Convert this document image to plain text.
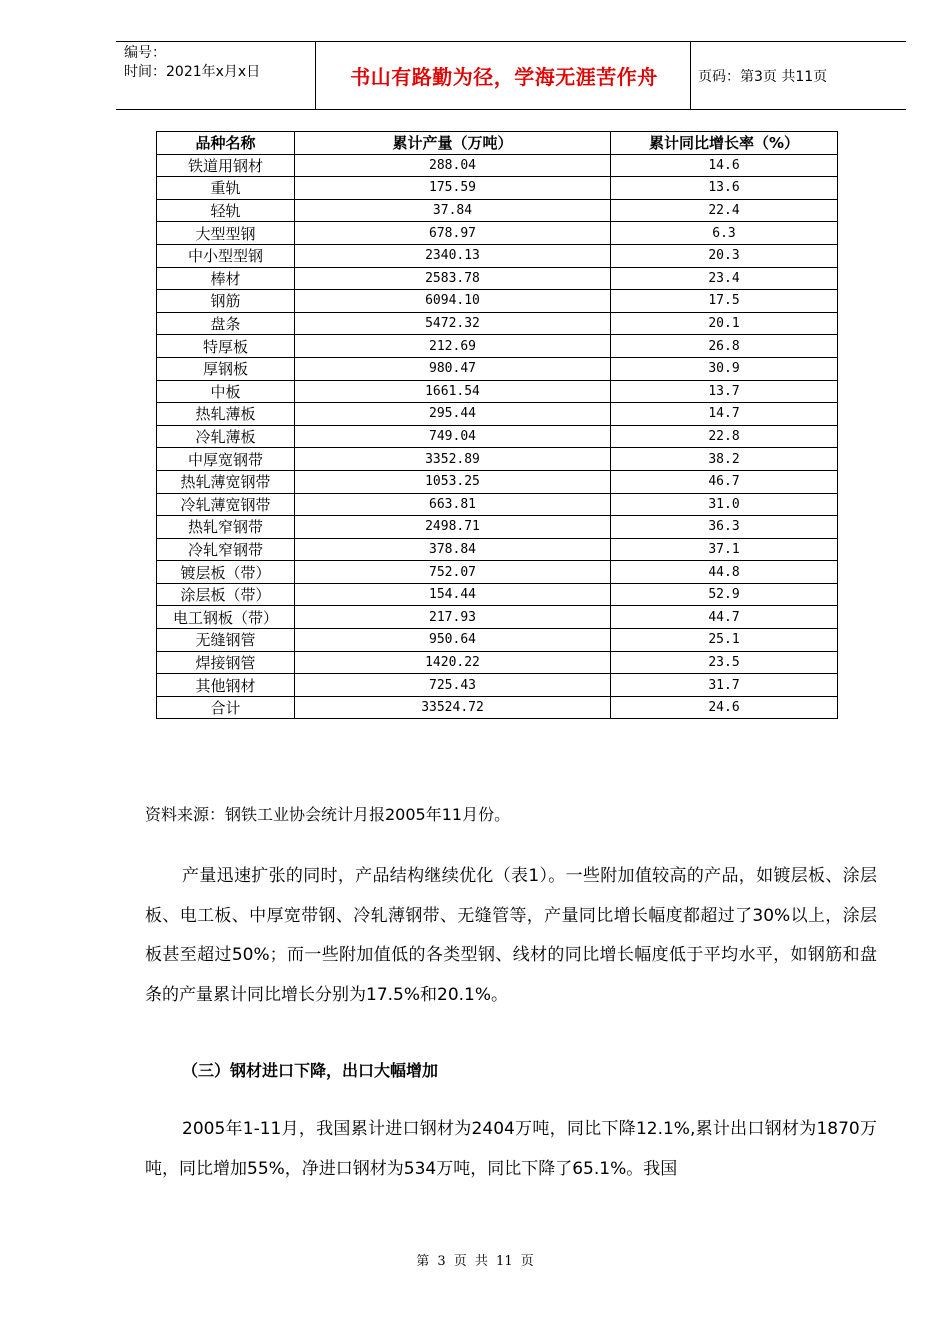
编号：
时间：2021年x月x日	书山有路勤为径，学海无涯苦作舟	页码：第3页 共11页
品种名称	累计产量（万吨）	累计同比增长率（%）
铁道用钢材	288.04	14.6
重轨	175.59	13.6
轻轨	37.84	22.4
大型型钢	678.97	6.3
中小型型钢	2340.13	20.3
棒材	2583.78	23.4
钢筋	6094.10	17.5
盘条	5472.32	20.1
特厚板	212.69	26.8
厚钢板	980.47	30.9
中板	1661.54	13.7
热轧薄板	295.44	14.7
冷轧薄板	749.04	22.8
中厚宽钢带	3352.89	38.2
热轧薄宽钢带	1053.25	46.7
冷轧薄宽钢带	663.81	31.0
热轧窄钢带	2498.71	36.3
冷轧窄钢带	378.84	37.1
镀层板（带）	752.07	44.8
涂层板（带）	154.44	52.9
电工钢板（带）	217.93	44.7
无缝钢管	950.64	25.1
焊接钢管	1420.22	23.5
其他钢材	725.43	31.7
合计	33524.72	24.6
资料来源：钢铁工业协会统计月报2005年11月份。
产量迅速扩张的同时，产品结构继续优化（表1）。一些附加值较高的产品，如镀层板、涂层板、电工板、中厚宽带钢、冷轧薄钢带、无缝管等，产量同比增长幅度都超过了30%以上，涂层板甚至超过50%；而一些附加值低的各类型钢、线材的同比增长幅度低于平均水平，如钢筋和盘条的产量累计同比增长分别为17.5%和20.1%。
（三）钢材进口下降，出口大幅增加
2005年1-11月，我国累计进口钢材为2404万吨，同比下降12.1%,累计出口钢材为1870万吨，同比增加55%，净进口钢材为534万吨，同比下降了65.1%。我国
第 3 页 共 11 页
